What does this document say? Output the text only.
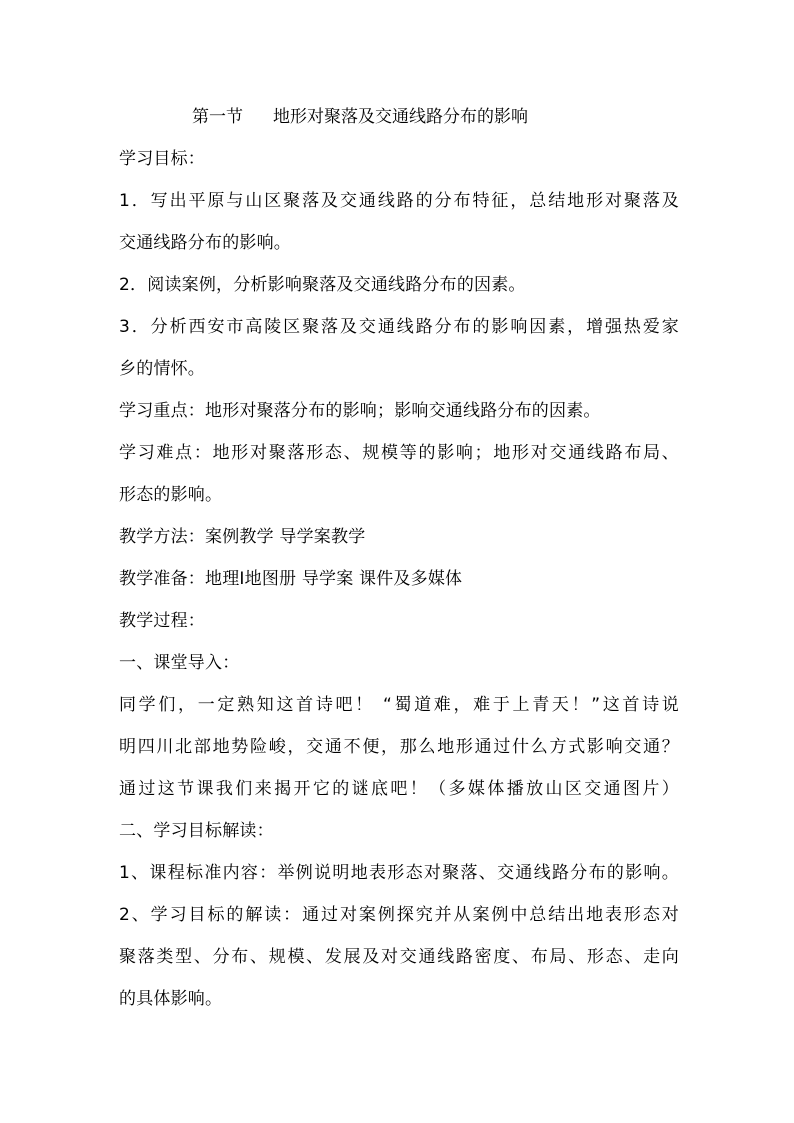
第一节 地形对聚落及交通线路分布的影响
学习目标：
1．写出平原与山区聚落及交通线路的分布特征，总结地形对聚落及
交通线路分布的影响。
2．阅读案例，分析影响聚落及交通线路分布的因素。
3．分析西安市高陵区聚落及交通线路分布的影响因素，增强热爱家
乡的情怀。
学习重点：地形对聚落分布的影响；影响交通线路分布的因素。
学习难点：地形对聚落形态、规模等的影响；地形对交通线路布局、
形态的影响。
教学方法：案例教学 导学案教学
教学准备：地理Ⅰ地图册 导学案 课件及多媒体
教学过程：
一、课堂导入：
同学们，一定熟知这首诗吧！ “蜀道难，难于上青天！”这首诗说
明四川北部地势险峻，交通不便，那么地形通过什么方式影响交通？
通过这节课我们来揭开它的谜底吧！（多媒体播放山区交通图片）
二、学习目标解读：
1、课程标准内容：举例说明地表形态对聚落、交通线路分布的影响。
2、学习目标的解读：通过对案例探究并从案例中总结出地表形态对
聚落类型、分布、规模、发展及对交通线路密度、布局、形态、走向
的具体影响。
